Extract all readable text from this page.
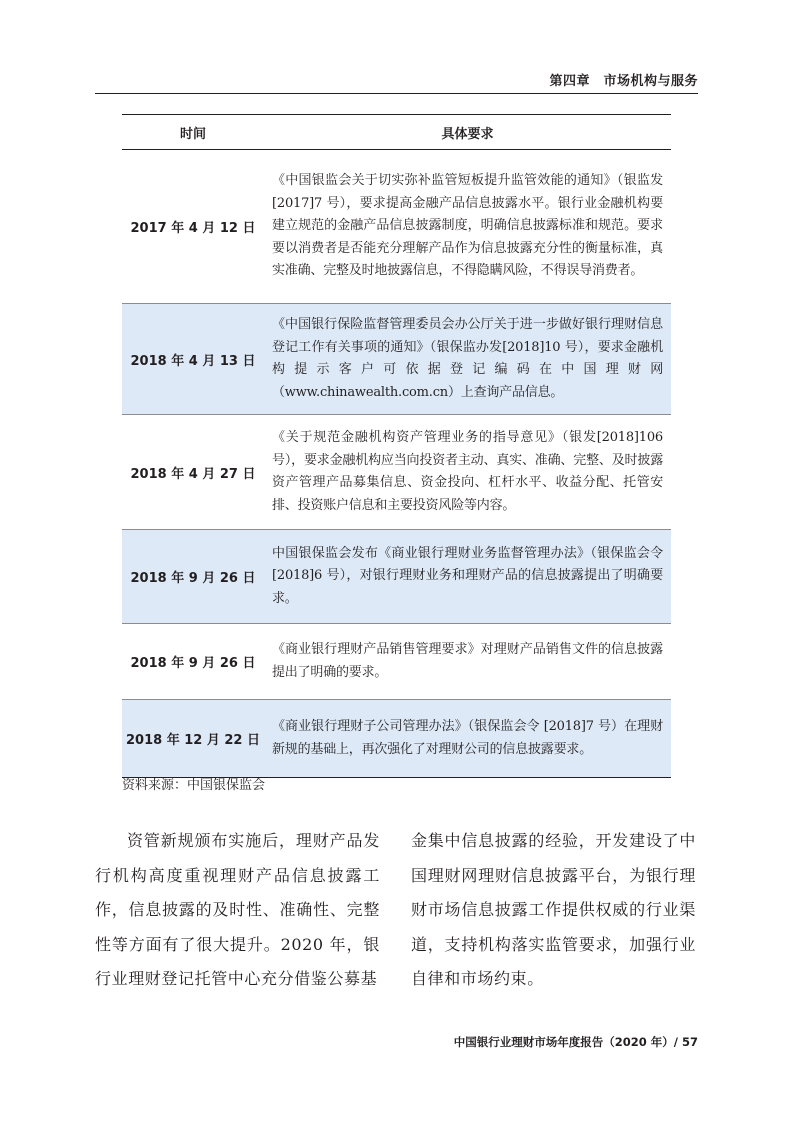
第四章　市场机构与服务
时间	具体要求
2017 年 4 月 12 日	《中国银监会关于切实弥补监管短板提升监管效能的通知》（银监发[2017]7 号），要求提高金融产品信息披露水平。银行业金融机构要建立规范的金融产品信息披露制度，明确信息披露标准和规范。要求要以消费者是否能充分理解产品作为信息披露充分性的衡量标准，真实准确、完整及时地披露信息，不得隐瞒风险，不得误导消费者。
2018 年 4 月 13 日	《中国银行保险监督管理委员会办公厅关于进一步做好银行理财信息登记工作有关事项的通知》（银保监办发[2018]10 号），要求金融机构提示客户可依据登记编码在中国理财网（www.chinawealth.com.cn）上查询产品信息。
2018 年 4 月 27 日	《关于规范金融机构资产管理业务的指导意见》（银发[2018]106号），要求金融机构应当向投资者主动、真实、准确、完整、及时披露资产管理产品募集信息、资金投向、杠杆水平、收益分配、托管安排、投资账户信息和主要投资风险等内容。
2018 年 9 月 26 日	中国银保监会发布《商业银行理财业务监督管理办法》（银保监会令[2018]6 号），对银行理财业务和理财产品的信息披露提出了明确要求。
2018 年 9 月 26 日	《商业银行理财产品销售管理要求》对理财产品销售文件的信息披露提出了明确的要求。
2018 年 12 月 22 日	《商业银行理财子公司管理办法》（银保监会令 [2018]7 号）在理财新规的基础上，再次强化了对理财公司的信息披露要求。
资料来源：中国银保监会

资管新规颁布实施后，理财产品发行机构高度重视理财产品信息披露工作，信息披露的及时性、准确性、完整性等方面有了很大提升。2020 年，银行业理财登记托管中心充分借鉴公募基

金集中信息披露的经验，开发建设了中国理财网理财信息披露平台，为银行理财市场信息披露工作提供权威的行业渠道，支持机构落实监管要求，加强行业自律和市场约束。

中国银行业理财市场年度报告（2020 年）/ 57
